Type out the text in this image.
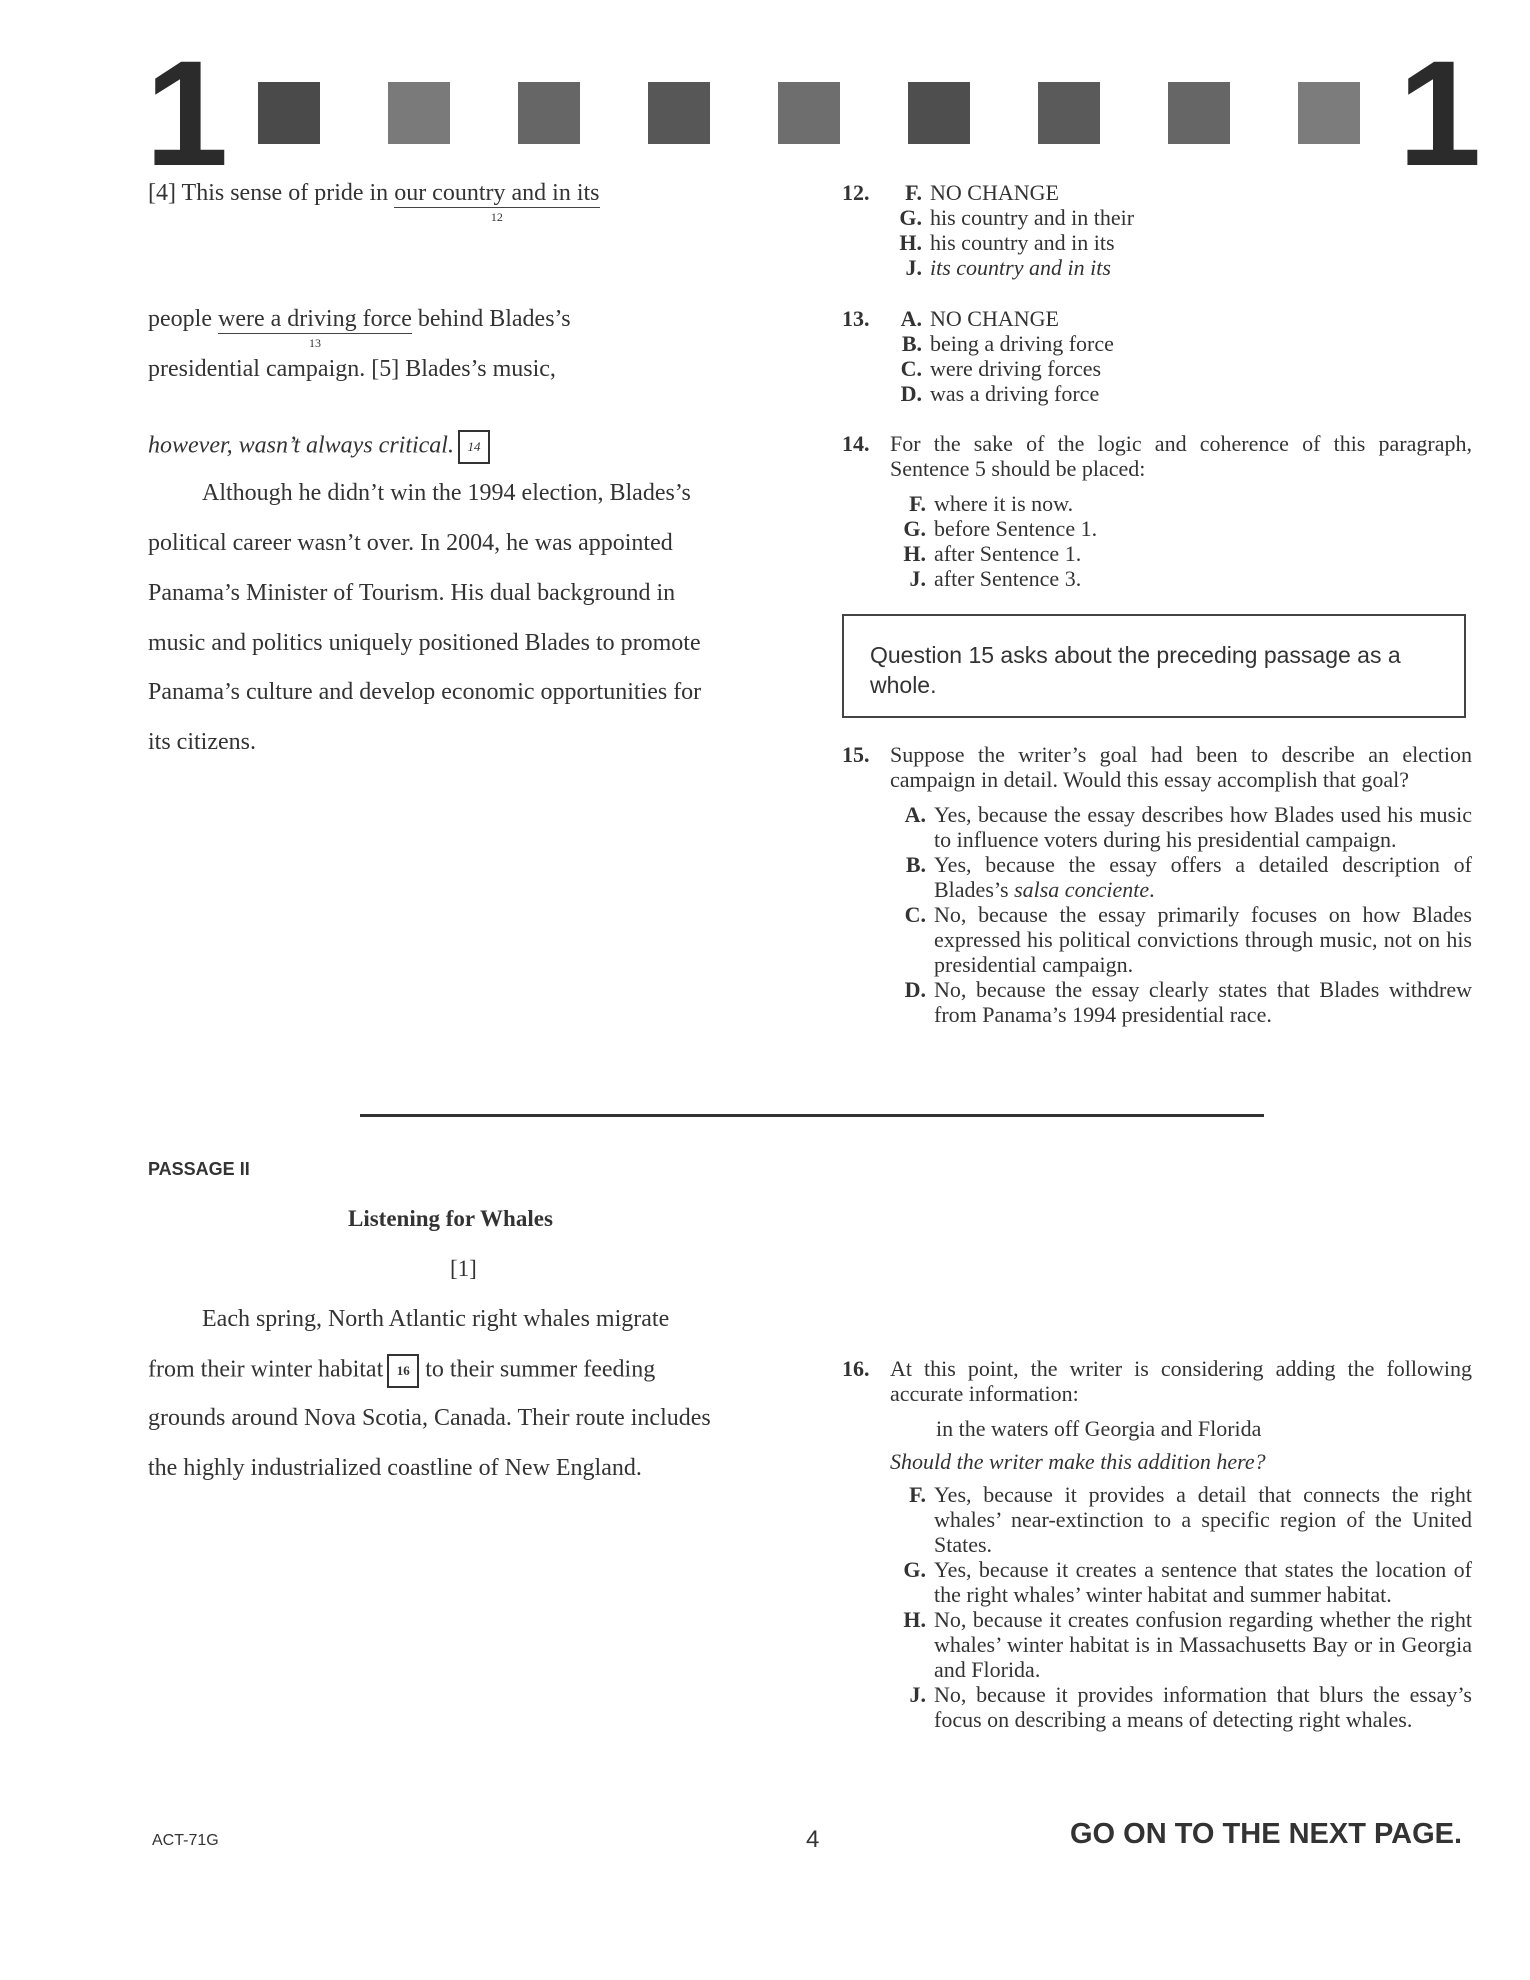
1	1
[4] This sense of pride in our country and in its
12
people were a driving force
13
behind Blades’s
presidential campaign. [5] Blades’s music,
however, wasn’t always critical. 14
Although he didn’t win the 1994 election, Blades’s
political career wasn’t over. In 2004, he was appointed
Panama’s Minister of Tourism. His dual background in
music and politics uniquely positioned Blades to promote
Panama’s culture and develop economic opportunities for
its citizens.
12.	F. NO CHANGE
G. his country and in their
H. his country and in its
J. its country and in its
13.	A. NO CHANGE
B. being a driving force
C. were driving forces
D. was a driving force
14. For the sake of the logic and coherence of this paragraph, Sentence 5 should be placed:
F. where it is now.
G. before Sentence 1.
H. after Sentence 1.
J. after Sentence 3.
Question 15 asks about the preceding passage as a whole.
15. Suppose the writer’s goal had been to describe an election campaign in detail. Would this essay accomplish that goal?
A. Yes, because the essay describes how Blades used his music to influence voters during his presidential campaign.
B. Yes, because the essay offers a detailed description of Blades’s salsa conciente.
C. No, because the essay primarily focuses on how Blades expressed his political convictions through music, not on his presidential campaign.
D. No, because the essay clearly states that Blades withdrew from Panama’s 1994 presidential race.
PASSAGE II
Listening for Whales
[1]
Each spring, North Atlantic right whales migrate
from their winter habitat 16 to their summer feeding
grounds around Nova Scotia, Canada. Their route includes
the highly industrialized coastline of New England.
16. At this point, the writer is considering adding the following accurate information:
in the waters off Georgia and Florida
Should the writer make this addition here?
F. Yes, because it provides a detail that connects the right whales’ near-extinction to a specific region of the United States.
G. Yes, because it creates a sentence that states the location of the right whales’ winter habitat and summer habitat.
H. No, because it creates confusion regarding whether the right whales’ winter habitat is in Massachusetts Bay or in Georgia and Florida.
J. No, because it provides information that blurs the essay’s focus on describing a means of detecting right whales.
ACT-71G	4	GO ON TO THE NEXT PAGE.
